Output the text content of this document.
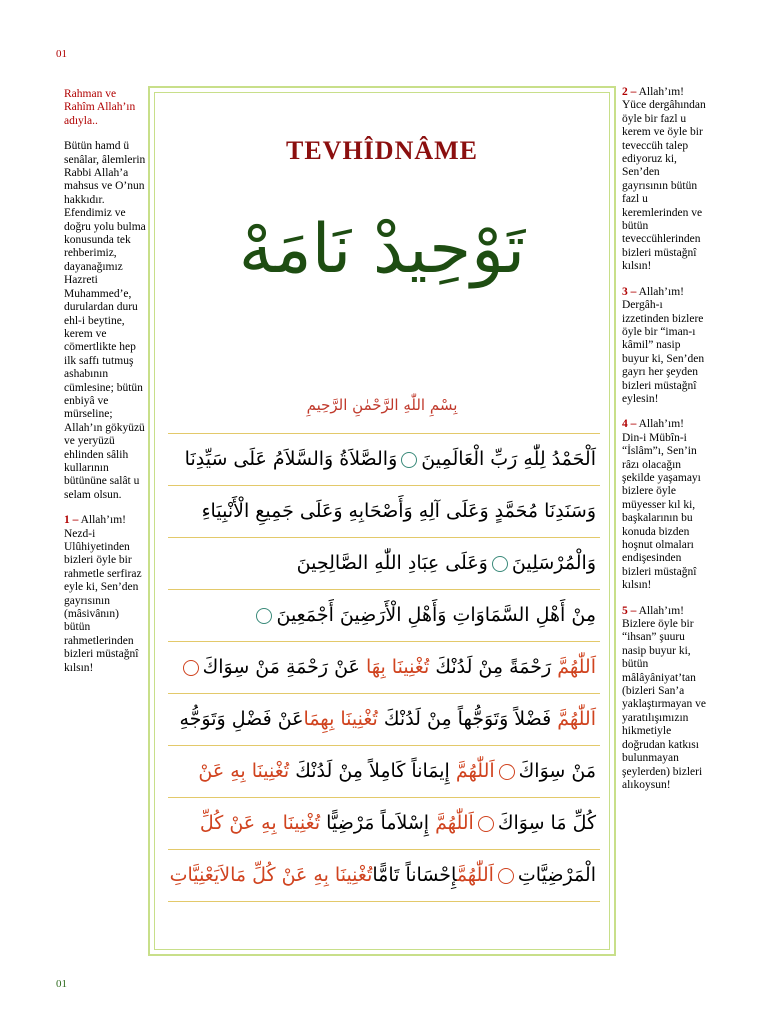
01

Rahman ve Rahîm Allah’ın adıyla..

Bütün hamd ü senâlar, âlemlerin Rabbi Allah’a mahsus ve O’nun hakkıdır. Efendimiz ve doğru yolu bulma konusunda tek rehberimiz, dayanağımız Hazreti Muhammed’e, durulardan duru ehl-i beytine, kerem ve cömertlikte hep ilk saffı tutmuş ashabının cümlesine; bütün enbiyâ ve mürseline; Allah’ın gökyüzü ve yeryüzü ehlinden sâlih kullarının bütününe salât u selam olsun.

1 – Allah’ım! Nezd-i Ulûhiyetinden bizleri öyle bir rahmetle serfiraz eyle ki, Sen’den gayrısının (mâsivânın) bütün rahmetlerinden bizleri müstağnî kılsın!

TEVHÎDNÂME
تَوْحِيدْ نَامَهْ
بِسْمِ اللّٰهِ الرَّحْمٰنِ الرَّحِيمِ
اَلْحَمْدُ لِلّٰهِ رَبِّ الْعَالَمِينَوَالصَّلاَةُ وَالسَّلاَمُ عَلَى سَيِّدِنَا
وَسَنَدِنَا مُحَمَّدٍ وَعَلَى آلِهِ وَأَصْحَابِهِ وَعَلَى جَمِيعِ الْأَنْبِيَاءِ
وَالْمُرْسَلِينَوَعَلَى عِبَادِ اللّٰهِ الصَّالِحِينَ
مِنْ أَهْلِ السَّمَاوَاتِ وَأَهْلِ الْأَرَضِينَ أَجْمَعِينَ
اَللّٰهُمَّ رَحْمَةً مِنْ لَدُنْكَ تُغْنِينَا بِهَا عَنْ رَحْمَةِ مَنْ سِوَاكَ
اَللّٰهُمَّ فَضْلاً وَتَوَجُّهاً مِنْ لَدُنْكَ تُغْنِينَا بِهِمَاعَنْ فَضْلِ وَتَوَجُّهِ
مَنْ سِوَاكَاَللّٰهُمَّ إِيمَاناً كَامِلاً مِنْ لَدُنْكَ تُغْنِينَا بِهِ عَنْ
كُلِّ مَا سِوَاكَاَللّٰهُمَّ إِسْلاَماً مَرْضِيًّا تُغْنِينَا بِهِ عَنْ كُلِّ
الْمَرْضِيَّاتِاَللّٰهُمَّإِحْسَاناً تَامًّاتُغْنِينَا بِهِ عَنْ كُلِّ مَالاَيَعْنِيَّاتِ

2 – Allah’ım! Yüce dergâhından öyle bir fazl u kerem ve öyle bir teveccüh talep ediyoruz ki, Sen’den gayrısının bütün fazl u keremlerinden ve bütün teveccühlerinden bizleri müstağnî kılsın!

3 – Allah’ım! Dergâh-ı izzetinden bizlere öyle bir “iman-ı kâmil” nasip buyur ki, Sen’den gayrı her şeyden bizleri müstağnî eylesin!

4 – Allah’ım! Din-i Mübîn-i “İslâm”ı, Sen’in râzı olacağın şekilde yaşamayı bizlere öyle müyesser kıl ki, başkalarının bu konuda bizden hoşnut olmaları endişesinden bizleri müstağnî kılsın!

5 – Allah’ım! Bizlere öyle bir “ihsan” şuuru nasip buyur ki, bütün mâlâyâniyat’tan (bizleri San’a yaklaştırmayan ve yaratılışımızın hikmetiyle doğrudan katkısı bulunmayan şeylerden) bizleri alıkoysun!

01
